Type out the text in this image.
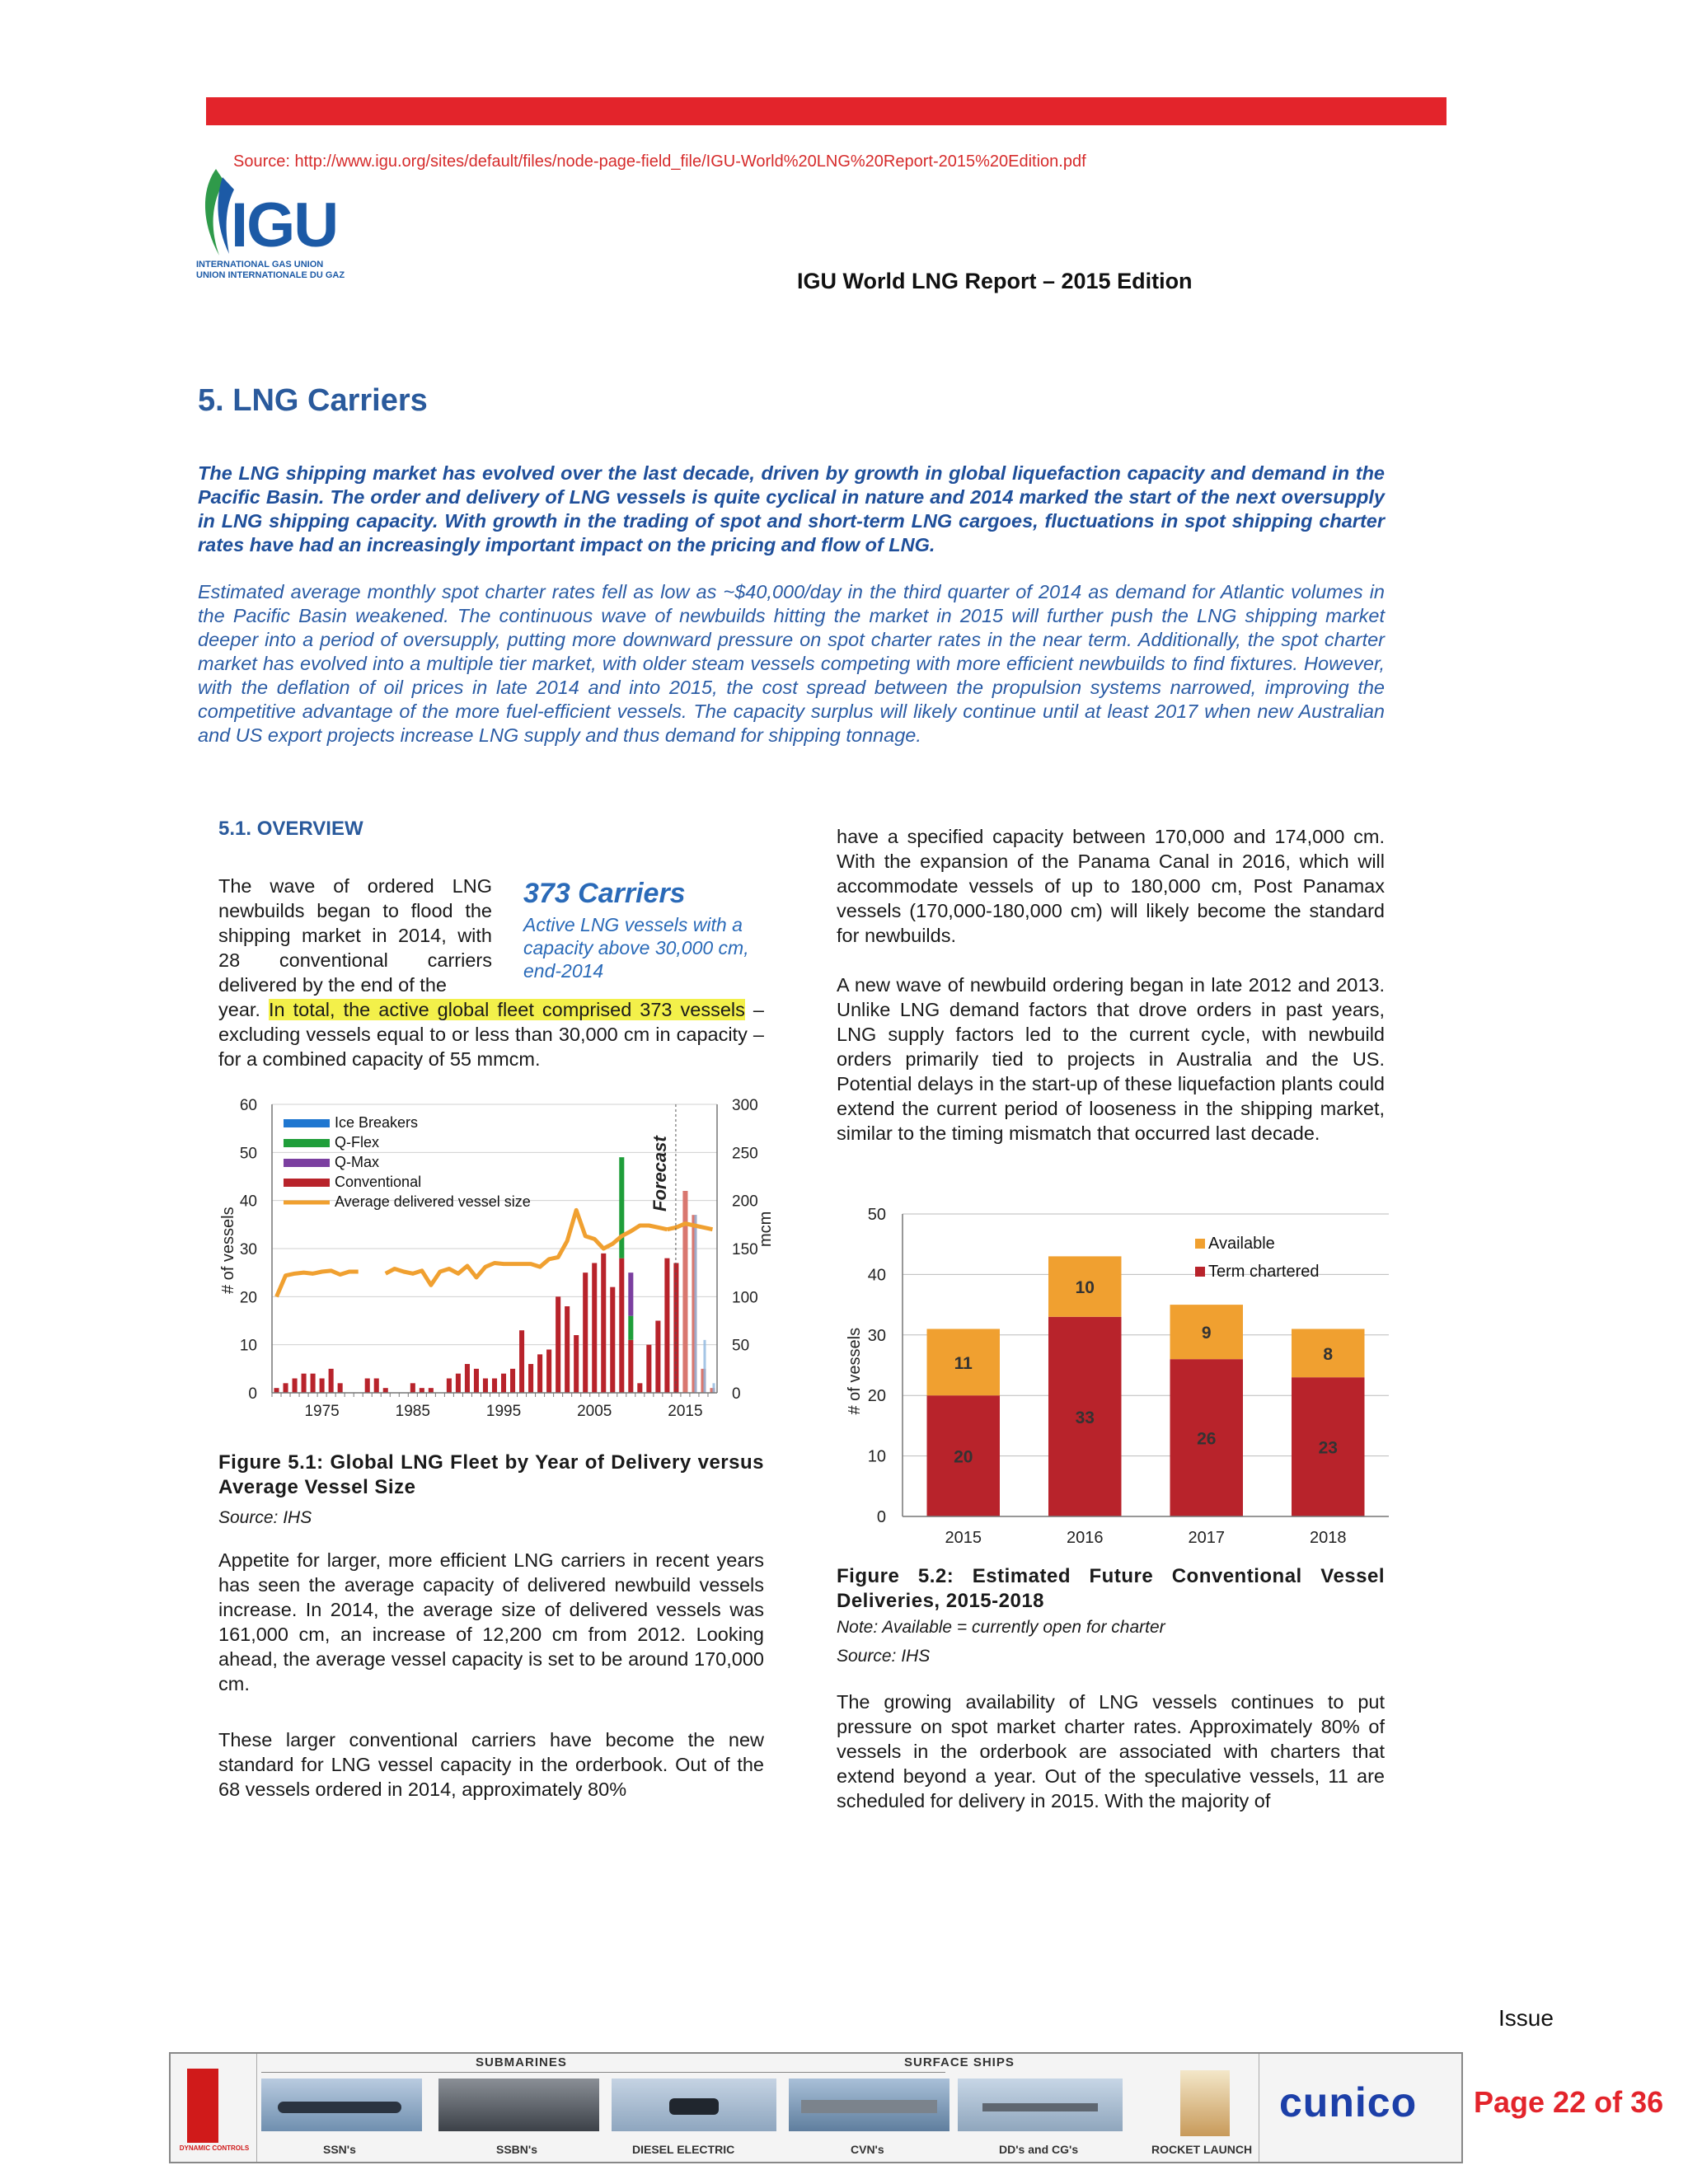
Source: http://www.igu.org/sites/default/files/node-page-field_file/IGU-World%20LNG%20Report-2015%20Edition.pdf
IGU
INTERNATIONAL GAS UNION
UNION INTERNATIONALE DU GAZ	IGU World LNG Report – 2015 Edition
5. LNG Carriers
The LNG shipping market has evolved over the last decade, driven by growth in global liquefaction capacity and demand in the Pacific Basin. The order and delivery of LNG vessels is quite cyclical in nature and 2014 marked the start of the next oversupply in LNG shipping capacity. With growth in the trading of spot and short-term LNG cargoes, fluctuations in spot shipping charter rates have had an increasingly important impact on the pricing and flow of LNG.
Estimated average monthly spot charter rates fell as low as ~$40,000/day in the third quarter of 2014 as demand for Atlantic volumes in the Pacific Basin weakened. The continuous wave of newbuilds hitting the market in 2015 will further push the LNG shipping market deeper into a period of oversupply, putting more downward pressure on spot charter rates in the near term. Additionally, the spot charter market has evolved into a multiple tier market, with older steam vessels competing with more efficient newbuilds to find fixtures. However, with the deflation of oil prices in late 2014 and into 2015, the cost spread between the propulsion systems narrowed, improving the competitive advantage of the more fuel-efficient vessels. The capacity surplus will likely continue until at least 2017 when new Australian and US export projects increase LNG supply and thus demand for shipping tonnage.
5.1. OVERVIEW
The wave of ordered LNG newbuilds began to flood the shipping market in 2014, with 28 conventional carriers delivered by the end of the
373 Carriers
Active LNG vessels with a capacity above 30,000 cm, end-2014
year. In total, the active global fleet comprised 373 vessels – excluding vessels equal to or less than 30,000 cm in capacity – for a combined capacity of 55 mmcm.
0
10
20
30
40
50
60
0
50
100
150
200
250
300
1975	1985	1995	2005	2015
Ice Breakers
Q-Flex
Q-Max
Conventional
Average delivered vessel size	Forecast
# of vessels	mcm
Figure 5.1: Global LNG Fleet by Year of Delivery versus Average Vessel Size
Source: IHS
Appetite for larger, more efficient LNG carriers in recent years has seen the average capacity of delivered newbuild vessels increase. In 2014, the average size of delivered vessels was 161,000 cm, an increase of 12,200 cm from 2012. Looking ahead, the average vessel capacity is set to be around 170,000 cm.
These larger conventional carriers have become the new standard for LNG vessel capacity in the orderbook. Out of the 68 vessels ordered in 2014, approximately 80%
have a specified capacity between 170,000 and 174,000 cm. With the expansion of the Panama Canal in 2016, which will accommodate vessels of up to 180,000 cm, Post Panamax vessels (170,000-180,000 cm) will likely become the standard for newbuilds.
A new wave of newbuild ordering began in late 2012 and 2013. Unlike LNG demand factors that drove orders in past years, LNG supply factors led to the current cycle, with newbuild orders primarily tied to projects in Australia and the US. Potential delays in the start-up of these liquefaction plants could extend the current period of looseness in the shipping market, similar to the timing mismatch that occurred last decade.
20
11
33
10
26
9
23
8
0
10
20
30
40
50
2015	2016	2017	2018
Available
Term chartered
# of vessels
Figure 5.2: Estimated Future Conventional Vessel Deliveries, 2015-2018
Note: Available = currently open for charter
Source: IHS
The growing availability of LNG vessels continues to put pressure on spot market charter rates. Approximately 80% of vessels in the orderbook are associated with charters that extend beyond a year. Out of the speculative vessels, 11 are scheduled for delivery in 2015. With the majority of
Issue
DYNAMIC CONTROLS
SUBMARINES	SURFACE SHIPS
SSN's	SSBN's	DIESEL ELECTRIC	CVN's	DD's and CG's	ROCKET LAUNCH
cunico Page 22 of 36
